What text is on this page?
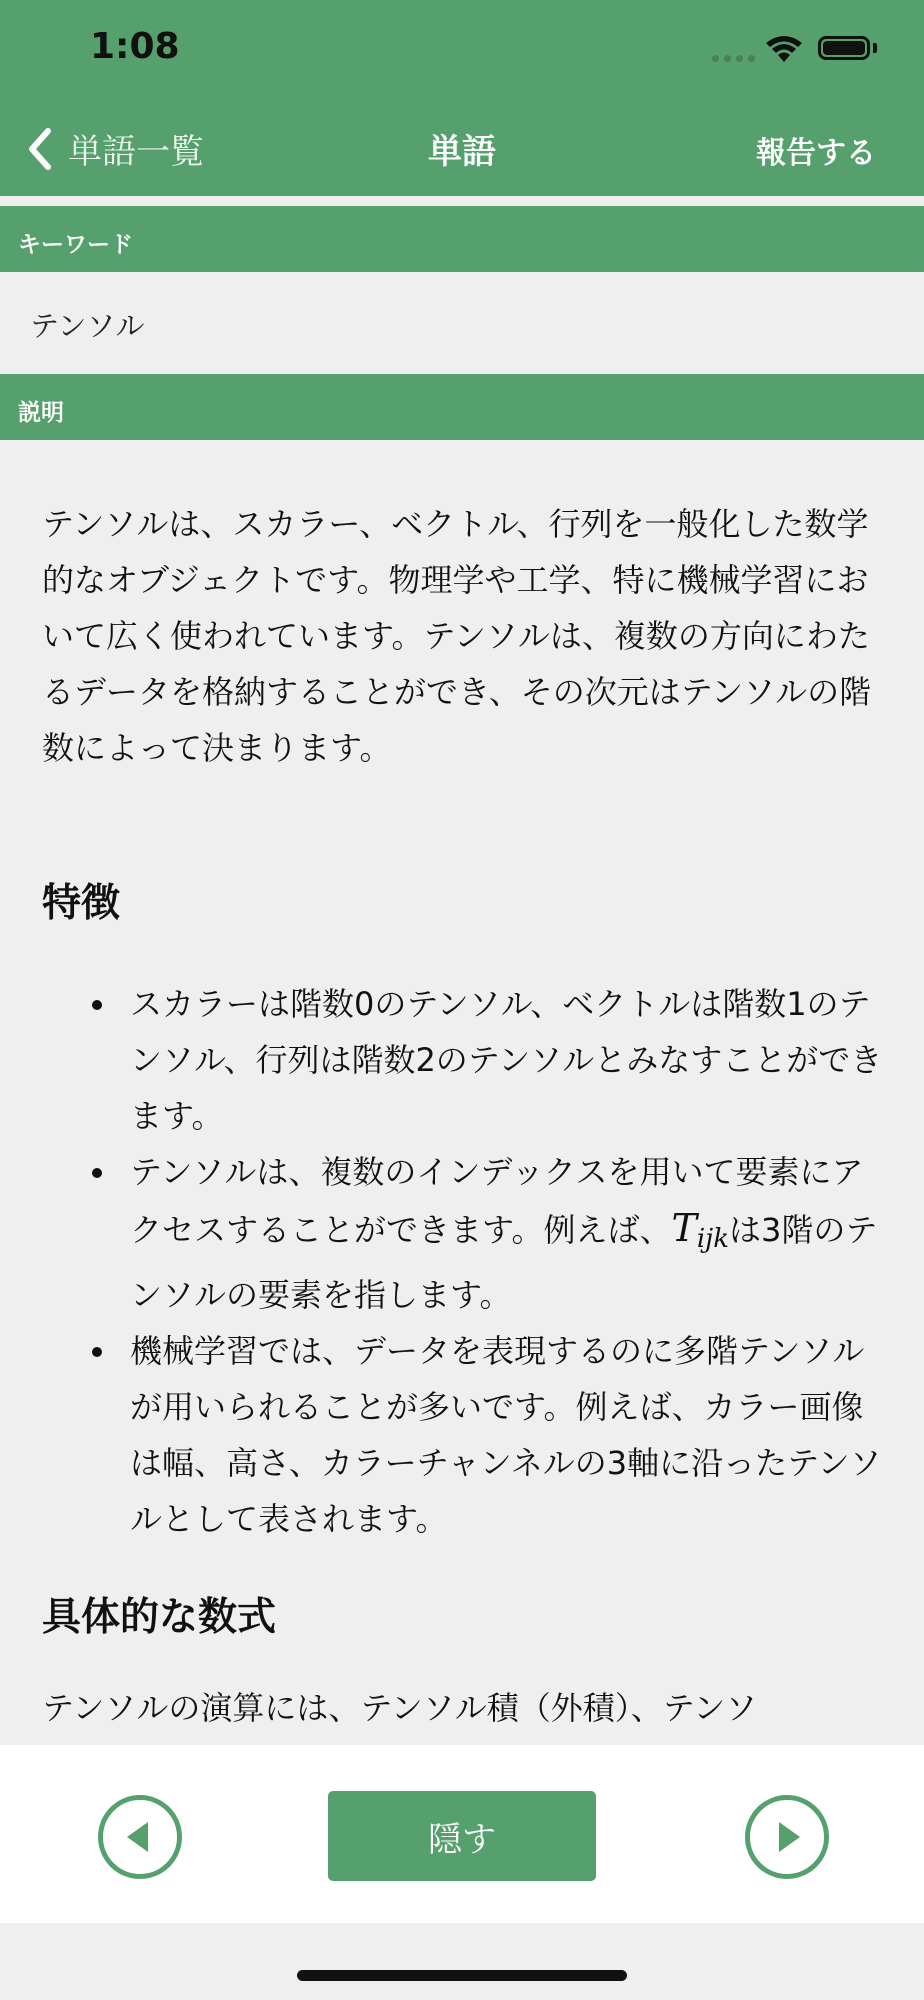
1:08
単語一覧	単語	報告する
キーワード
テンソル
説明

テンソルは、スカラー、ベクトル、行列を一般化した数学的なオブジェクトです。物理学や工学、特に機械学習において広く使われています。テンソルは、複数の方向にわたるデータを格納することができ、その次元はテンソルの階数によって決まります。

特徴
スカラーは階数0のテンソル、ベクトルは階数1のテンソル、行列は階数2のテンソルとみなすことができます。
テンソルは、複数のインデックスを用いて要素にアクセスすることができます。例えば、$T_{ijk}$は3階のテンソルの要素を指します。
機械学習では、データを表現するのに多階テンソルが用いられることが多いです。例えば、カラー画像は幅、高さ、カラーチャンネルの3軸に沿ったテンソルとして表されます。
具体的な数式

テンソルの演算には、テンソル積（外積）、テンソ

隠す
